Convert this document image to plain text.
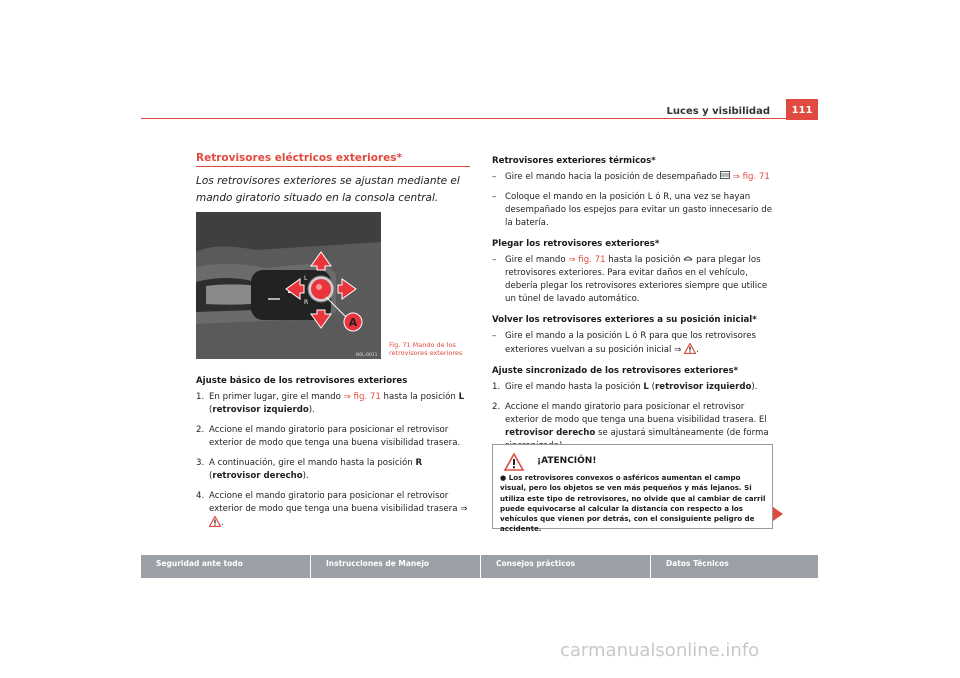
Luces y visibilidad	111
Retrovisores eléctricos exteriores*
Los retrovisores exteriores se ajustan mediante el mando giratorio situado en la consola central.
L
R
A
B6L-0011
Fig. 71 Mando de los retrovisores exteriores
Ajuste básico de los retrovisores exteriores
1. En primer lugar, gire el mando ⇒ fig. 71 hasta la posición L (retrovisor izquierdo).
2. Accione el mando giratorio para posicionar el retrovisor exterior de modo que tenga una buena visibilidad trasera.
3. A continuación, gire el mando hasta la posición R (retrovisor derecho).
4. Accione el mando giratorio para posicionar el retrovisor exterior de modo que tenga una buena visibilidad trasera ⇒ .
Retrovisores exteriores térmicos*
– Gire el mando hacia la posición de desempañado  ⇒ fig. 71
– Coloque el mando en la posición L ó R, una vez se hayan desempañado los espejos para evitar un gasto innecesario de la batería.
Plegar los retrovisores exteriores*
– Gire el mando ⇒ fig. 71 hasta la posición  para plegar los retrovisores exteriores. Para evitar daños en el vehículo, debería plegar los retrovisores exteriores siempre que utilice un túnel de lavado automático.
Volver los retrovisores exteriores a su posición inicial*
– Gire el mando a la posición L ó R para que los retrovisores exteriores vuelvan a su posición inicial ⇒ .
Ajuste sincronizado de los retrovisores exteriores*
1. Gire el mando hasta la posición L (retrovisor izquierdo).
2. Accione el mando giratorio para posicionar el retrovisor exterior de modo que tenga una buena visibilidad trasera. El retrovisor derecho se ajustará simultáneamente (de forma
¡ATENCIÓN!
● Los retrovisores convexos o asféricos aumentan el campo visual, pero los objetos se ven más pequeños y más lejanos. Si utiliza este tipo de retrovisores, no olvide que al cambiar de carril puede equivocarse al calcular la distancia con respecto a los vehículos que vienen por detrás, con el consiguiente peligro de accidente.
Seguridad ante todo	Instrucciones de Manejo	Consejos prácticos	Datos Técnicos
carmanualsonline.info
